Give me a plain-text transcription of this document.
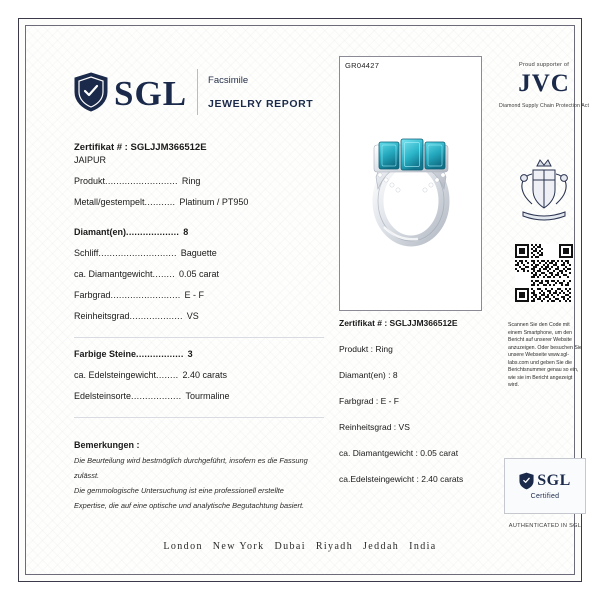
SGL Facsimile
JEWELRY REPORT
Zertifikat # : SGLJJM366512E
JAIPUR
Produkt .......................... Ring
Metall/gestempelt ........... Platinum / PT950
Diamant(en) ................... 8
Schliff ............................ Baguette
ca. Diamantgewicht ........ 0.05 carat
Farbgrad ......................... E - F
Reinheitsgrad ................... VS
Farbige Steine ................. 3
ca. Edelsteingewicht ........ 2.40 carats
Edelsteinsorte .................. Tourmaline
Bemerkungen :

Die Beurteilung wird bestmöglich durchgeführt, insofern es die Fassung

zulässt.

Die gemmologische Untersuchung ist eine professionell erstellte

Expertise, die auf eine optische und analytische Begutachtung basiert.

GR04427
Zertifikat # : SGLJJM366512E
Produkt : Ring
Diamant(en) : 8
Farbgrad : E - F
Reinheitsgrad : VS
ca. Diamantgewicht : 0.05 carat
ca.Edelsteingewicht : 2.40 carats
Proud supporter of
JVC
Diamond Supply Chain Protection Act
Scannen Sie den Code mit einem Smartphone, um den Bericht auf unserer Website anzuzeigen. Oder besuchen Sie unsere Webseite www.sgl-labs.com und geben Sie die Berichtsnummer genau so ein, wie sie im Bericht angezeigt wird.
SGL
Certified
AUTHENTICATED IN SGL
London New York Dubai Riyadh Jeddah India
